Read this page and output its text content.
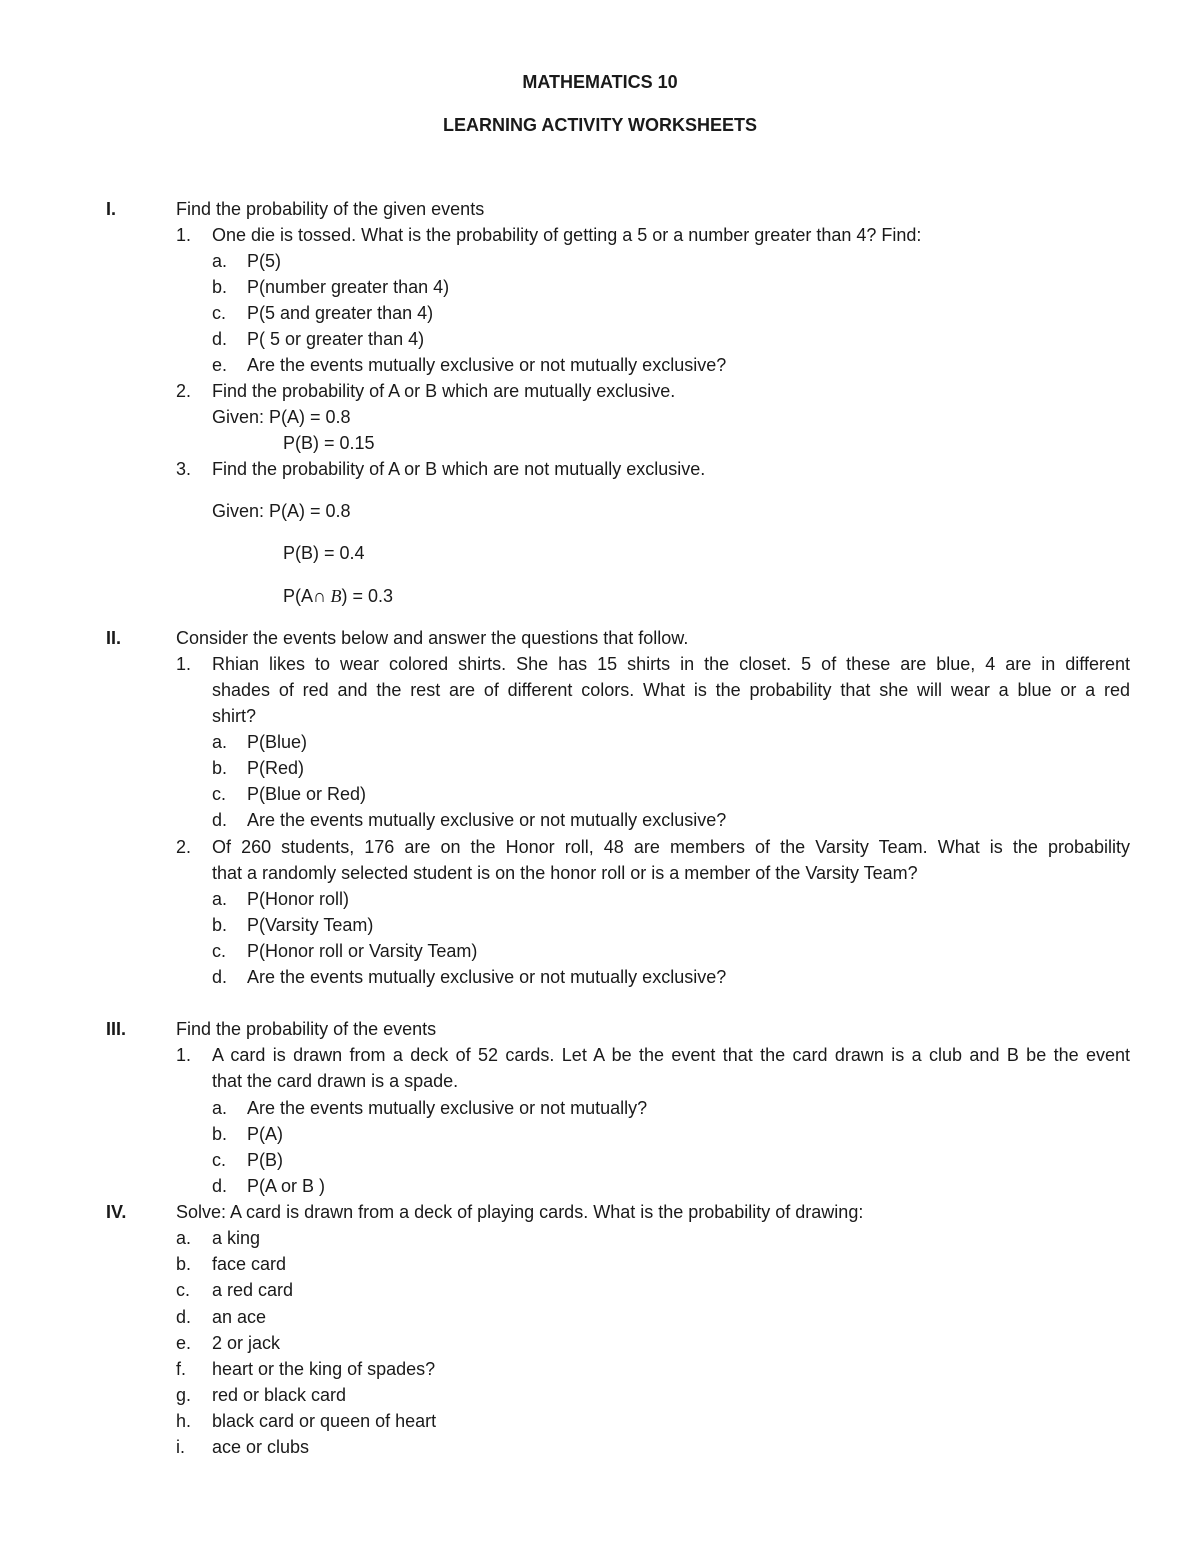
MATHEMATICS 10
LEARNING ACTIVITY WORKSHEETS
I.	Find the probability of the given events
1. One die is tossed. What is the probability of getting a 5 or a number greater than 4? Find:
a. P(5)
b. P(number greater than 4)
c. P(5 and greater than 4)
d. P( 5 or greater than 4)
e. Are the events mutually exclusive or not mutually exclusive?
2. Find the probability of A or B which are mutually exclusive.
Given: P(A) = 0.8
P(B) = 0.15
3. Find the probability of A or B which are not mutually exclusive.
Given: P(A) = 0.8
P(B) = 0.4
P(A∩ B) = 0.3
II.	Consider the events below and answer the questions that follow.
1. Rhian likes to wear colored shirts. She has 15 shirts in the closet. 5 of these are blue, 4 are in different
shades of red and the rest are of different colors. What is the probability that she will wear a blue or a red
shirt?
a. P(Blue)
b. P(Red)
c. P(Blue or Red)
d. Are the events mutually exclusive or not mutually exclusive?
2. Of 260 students, 176 are on the Honor roll, 48 are members of the Varsity Team. What is the probability
that a randomly selected student is on the honor roll or is a member of the Varsity Team?
a. P(Honor roll)
b. P(Varsity Team)
c. P(Honor roll or Varsity Team)
d. Are the events mutually exclusive or not mutually exclusive?
III.	Find the probability of the events
1. A card is drawn from a deck of 52 cards. Let A be the event that the card drawn is a club and B be the event
that the card drawn is a spade.
a. Are the events mutually exclusive or not mutually?
b. P(A)
c. P(B)
d. P(A or B )
IV.	Solve: A card is drawn from a deck of playing cards. What is the probability of drawing:
a. a king
b. face card
c. a red card
d. an ace
e. 2 or jack
f. heart or the king of spades?
g. red or black card
h. black card or queen of heart
i. ace or clubs
